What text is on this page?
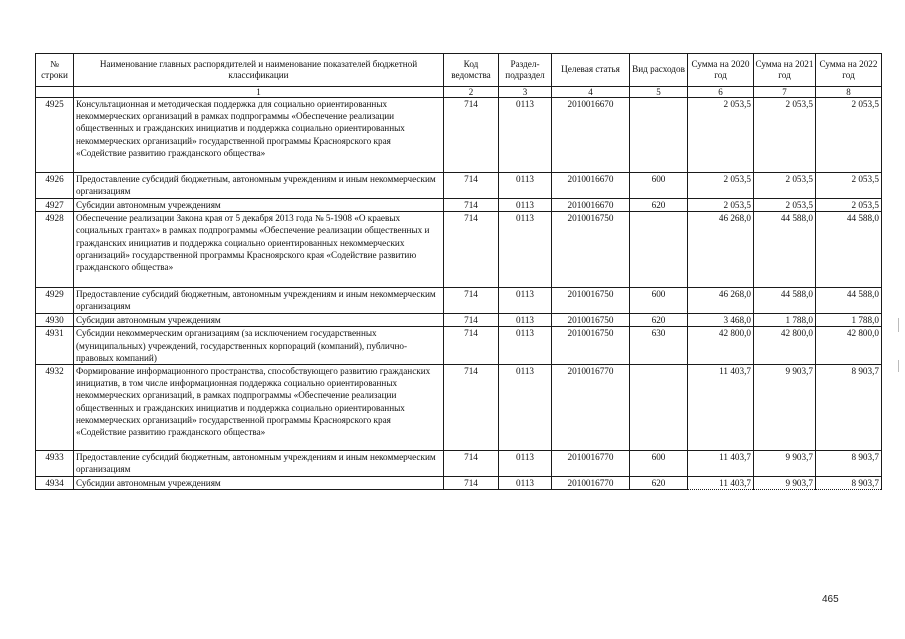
№ строки	Наименование главных распорядителей и наименование показателей бюджетной классификации	Код ведомства	Раздел-подраздел	Целевая статья	Вид расходов	Сумма на 2020 год	Сумма на 2021 год	Сумма на 2022 год
	1	2	3	4	5	6	7	8
4925	Консультационная и методическая поддержка для социально ориентированных некоммерческих организаций в рамках подпрограммы «Обеспечение реализации общественных и гражданских инициатив и поддержка социально ориентированных некоммерческих организаций» государственной программы Красноярского края «Содействие развитию гражданского общества»	714	0113	2010016670		2 053,5	2 053,5	2 053,5
4926	Предоставление субсидий бюджетным, автономным учреждениям и иным некоммерческим организациям	714	0113	2010016670	600	2 053,5	2 053,5	2 053,5
4927	Субсидии автономным учреждениям	714	0113	2010016670	620	2 053,5	2 053,5	2 053,5
4928	Обеспечение реализации Закона края от 5 декабря 2013 года № 5-1908 «О краевых социальных грантах» в рамках подпрограммы «Обеспечение реализации общественных и гражданских инициатив и поддержка социально ориентированных некоммерческих организаций» государственной программы Красноярского края «Содействие развитию гражданского общества»	714	0113	2010016750		46 268,0	44 588,0	44 588,0
4929	Предоставление субсидий бюджетным, автономным учреждениям и иным некоммерческим организациям	714	0113	2010016750	600	46 268,0	44 588,0	44 588,0
4930	Субсидии автономным учреждениям	714	0113	2010016750	620	3 468,0	1 788,0	1 788,0
4931	Субсидии некоммерческим организациям (за исключением государственных (муниципальных) учреждений, государственных корпораций (компаний), публично-правовых компаний)	714	0113	2010016750	630	42 800,0	42 800,0	42 800,0
4932	Формирование информационного пространства, способствующего развитию гражданских инициатив, в том числе информационная поддержка социально ориентированных некоммерческих организаций, в рамках подпрограммы «Обеспечение реализации общественных и гражданских инициатив и поддержка социально ориентированных некоммерческих организаций» государственной программы Красноярского края «Содействие развитию гражданского общества»	714	0113	2010016770		11 403,7	9 903,7	8 903,7
4933	Предоставление субсидий бюджетным, автономным учреждениям и иным некоммерческим организациям	714	0113	2010016770	600	11 403,7	9 903,7	8 903,7
4934	Субсидии автономным учреждениям	714	0113	2010016770	620	11 403,7	9 903,7	8 903,7
465
